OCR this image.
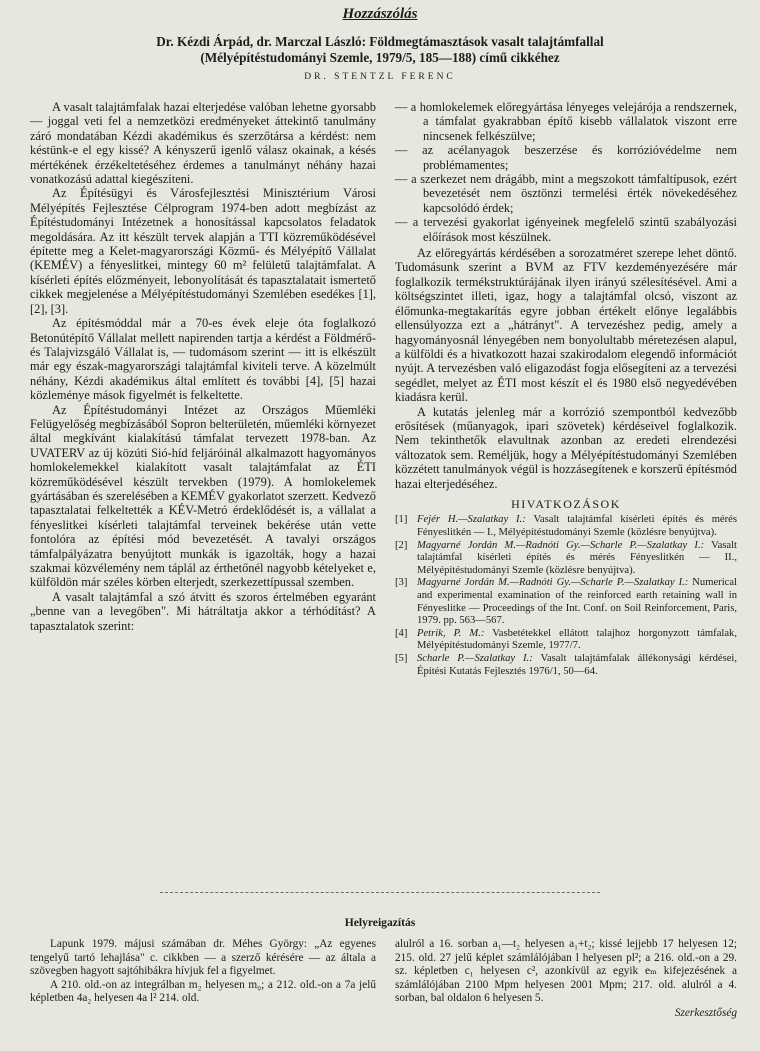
Hozzászólás
Dr. Kézdi Árpád, dr. Marczal László: Földmegtámasztások vasalt talajtámfallal
(Mélyépítéstudományi Szemle, 1979/5, 185—188) című cikkéhez
DR. STENTZL FERENC

A vasalt talajtámfalak hazai elterjedése valóban lehetne gyorsabb — joggal veti fel a nemzetközi eredményeket áttekintő tanulmány záró mondatában Kézdi akadémikus és szerzőtársa a kérdést: nem késtünk-e el egy kissé? A kényszerű igenlő válasz okainak, a késés mértékének érzékeltetéséhez érdemes a tanulmányt néhány hazai vonatkozású adattal kiegészíteni.

Az Építésügyi és Városfejlesztési Minisztérium Városi Mélyépítés Fejlesztése Célprogram 1974-ben adott megbízást az Építéstudományi Intézetnek a honosítással kapcsolatos feladatok megoldására. Az itt készült tervek alapján a TTI közreműködésével építette meg a Kelet-magyarországi Közmű- és Mélyépítő Vállalat (KEMÉV) a fényeslitkei, mintegy 60 m² felületű talajtámfalat. A kísérleti építés előzményeit, lebonyolítását és tapasztalatait ismertető cikkek megjelenése a Mélyépítéstudományi Szemlében esedékes [1], [2], [3].

Az építésmóddal már a 70-es évek eleje óta foglalkozó Betonútépítő Vállalat mellett napirenden tartja a kérdést a Földmérő- és Talajvizsgáló Vállalat is, — tudomásom szerint — itt is elkészült már egy észak-magyarországi talajtámfal kiviteli terve. A közelmúlt néhány, Kézdi akadémikus által említett és további [4], [5] hazai közleménye mások figyelmét is felkeltette.

Az Építéstudományi Intézet az Országos Műemléki Felügyelőség megbízásából Sopron belterületén, műemléki környezet által megkívánt kialakítású támfalat tervezett 1978-ban. Az UVATERV az új közúti Sió-híd feljáróinál alkalmazott hagyományos homlokelemekkel kialakított vasalt talajtámfalat az ÉTI közreműködésével készült tervekben (1979). A homlokelemek gyártásában és szerelésében a KEMÉV gyakorlatot szerzett. Kedvező tapasztalatai felkeltették a KÉV-Metró érdeklődését is, a vállalat a fényeslitkei kísérleti talajtámfal terveinek bekérése után vette fontolóra az építési mód bevezetését. A tavalyi országos támfalpályázatra benyújtott munkák is igazolták, hogy a hazai szakmai közvélemény nem táplál az érthetőnél nagyobb kételyeket e, külföldön már széles körben elterjedt, szerkezettípussal szemben.

A vasalt talajtámfal a szó átvitt és szoros értelmében egyaránt „benne van a levegőben". Mi hátráltatja akkor a térhódítást? A tapasztalatok szerint:

— a homlokelemek előregyártása lényeges velejárója a rendszernek, a támfalat gyakrabban építő kisebb vállalatok viszont erre nincsenek felkészülve;
— az acélanyagok beszerzése és korrózióvédelme nem problémamentes;
— a szerkezet nem drágább, mint a megszokott támfaltípusok, ezért bevezetését nem ösztönzi termelési érték növekedéséhez kapcsolódó érdek;
— a tervezési gyakorlat igényeinek megfelelő szintű szabályozási előírások most készülnek.

Az előregyártás kérdésében a sorozatméret szerepe lehet döntő. Tudomásunk szerint a BVM az FTV kezdeményezésére már foglalkozik termékstruktúrájának ilyen irányú szélesítésével. Ami a költségszintet illeti, igaz, hogy a talajtámfal olcsó, viszont az élőmunka-megtakarítás egyre jobban értékelt előnye legalábbis ellensúlyozza ezt a „hátrányt". A tervezéshez pedig, amely a hagyományosnál lényegében nem bonyolultabb méretezésen alapul, a külföldi és a hivatkozott hazai szakirodalom elegendő információt nyújt. A tervezésben való eligazodást fogja elősegíteni az a tervezési segédlet, melyet az ÉTI most készít el és 1980 első negyedévében kiadásra kerül.

A kutatás jelenleg már a korrózió szempontból kedvezőbb erősítések (műanyagok, ipari szövetek) kérdéseivel foglalkozik. Nem tekinthetők elavultnak azonban az eredeti elrendezési változatok sem. Reméljük, hogy a Mélyépítéstudományi Szemlében közzétett tanulmányok végül is hozzásegítenek e korszerű építésmód hazai elterjedéséhez.

HIVATKOZÁSOK
[1] Fejér H.—Szalatkay I.: Vasalt talajtámfal kísérleti építés és mérés Fényeslitkén — I., Mélyépítéstudományi Szemle (közlésre benyújtva).
[2] Magyarné Jordán M.—Radnóti Gy.—Scharle P.—Szalatkay I.: Vasalt talajtámfal kísérleti építés és mérés Fényeslitkén — II., Mélyépítéstudományi Szemle (közlésre benyújtva).
[3] Magyarné Jordán M.—Radnóti Gy.—Scharle P.—Szalatkay I.: Numerical and experimental examination of the reinforced earth retaining wall in Fényeslitke — Proceedings of the Int. Conf. on Soil Reinforcement, Paris, 1979. pp. 563—567.
[4] Petrik, P. M.: Vasbetétekkel ellátott talajhoz horgonyzott támfalak, Mélyépítéstudományi Szemle, 1977/7.
[5] Scharle P.—Szalatkay I.: Vasalt talajtámfalak állékonysági kérdései, Építési Kutatás Fejlesztés 1976/1, 50—64.
Helyreigazítás

Lapunk 1979. májusi számában dr. Méhes György: „Az egyenes tengelyű tartó lehajlása" c. cikkben — a szerző kérésére — az általa a szövegben hagyott sajtóhibákra hívjuk fel a figyelmet.

A 210. old.-on az integrálban m₂ helyesen m₀; a 212. old.-on a 7a jelű képletben 4a₂ helyesen 4a l² 214. old.

alulról a 16. sorban a₁—t₂ helyesen a₁+t₂; kissé lejjebb 17 helyesen 12; 215. old. 27 jelű képlet számlálójában l helyesen pl²; a 216. old.-on a 29. sz. képletben c₁ helyesen c², azonkívül az egyik eₘ kifejezésének a számlálójában 2100 Mpm helyesen 2001 Mpm; 217. old. alulról a 4. sorban, bal oldalon 6 helyesen 5.
Szerkesztőség
